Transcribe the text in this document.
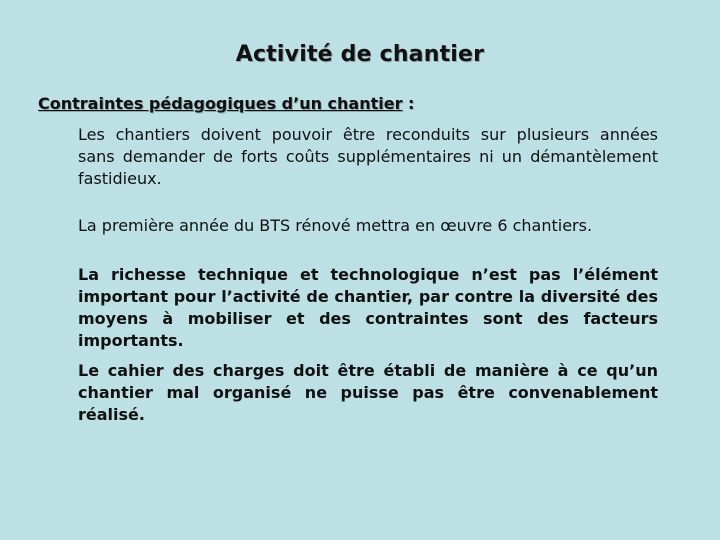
Activité de chantier
Contraintes pédagogiques d’un chantier :
Les chantiers doivent pouvoir être reconduits sur plusieurs années sans demander de forts coûts supplémentaires ni un démantèlement fastidieux.
La première année du BTS rénové mettra en œuvre 6 chantiers.
La richesse technique et technologique n’est pas l’élément important pour l’activité de chantier, par contre la diversité des moyens à mobiliser et des contraintes sont des facteurs importants.
Le cahier des charges doit être établi de manière à ce qu’un chantier mal organisé ne puisse pas être convenablement réalisé.
